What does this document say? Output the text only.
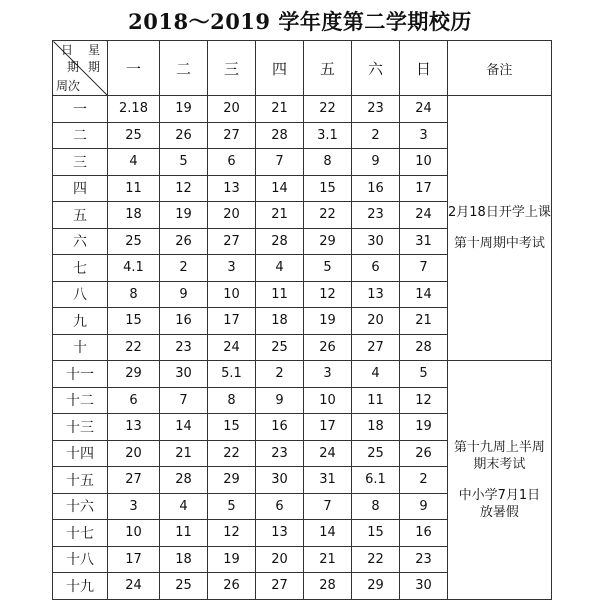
2018～2019 学年度第二学期校历
星
日
期 期
周次	一	二	三	四	五	六	日	备注
一	2.18	19	20	21	22	23	24	2月18日开学上课
第十周期中考试

二	25	26	27	28	3.1	2	3	
三	4	5	6	7	8	9	10	
四	11	12	13	14	15	16	17	
五	18	19	20	21	22	23	24	
六	25	26	27	28	29	30	31	
七	4.1	2	3	4	5	6	7	
八	8	9	10	11	12	13	14	
九	15	16	17	18	19	20	21	
十	22	23	24	25	26	27	28	
十一	29	30	5.1	2	3	4	5	第十九周上半周
期末考试
中小学7月1日
放暑假

十二	6	7	8	9	10	11	12	
十三	13	14	15	16	17	18	19	
十四	20	21	22	23	24	25	26	
十五	27	28	29	30	31	6.1	2	
十六	3	4	5	6	7	8	9	
十七	10	11	12	13	14	15	16	
十八	17	18	19	20	21	22	23	
十九	24	25	26	27	28	29	30	
